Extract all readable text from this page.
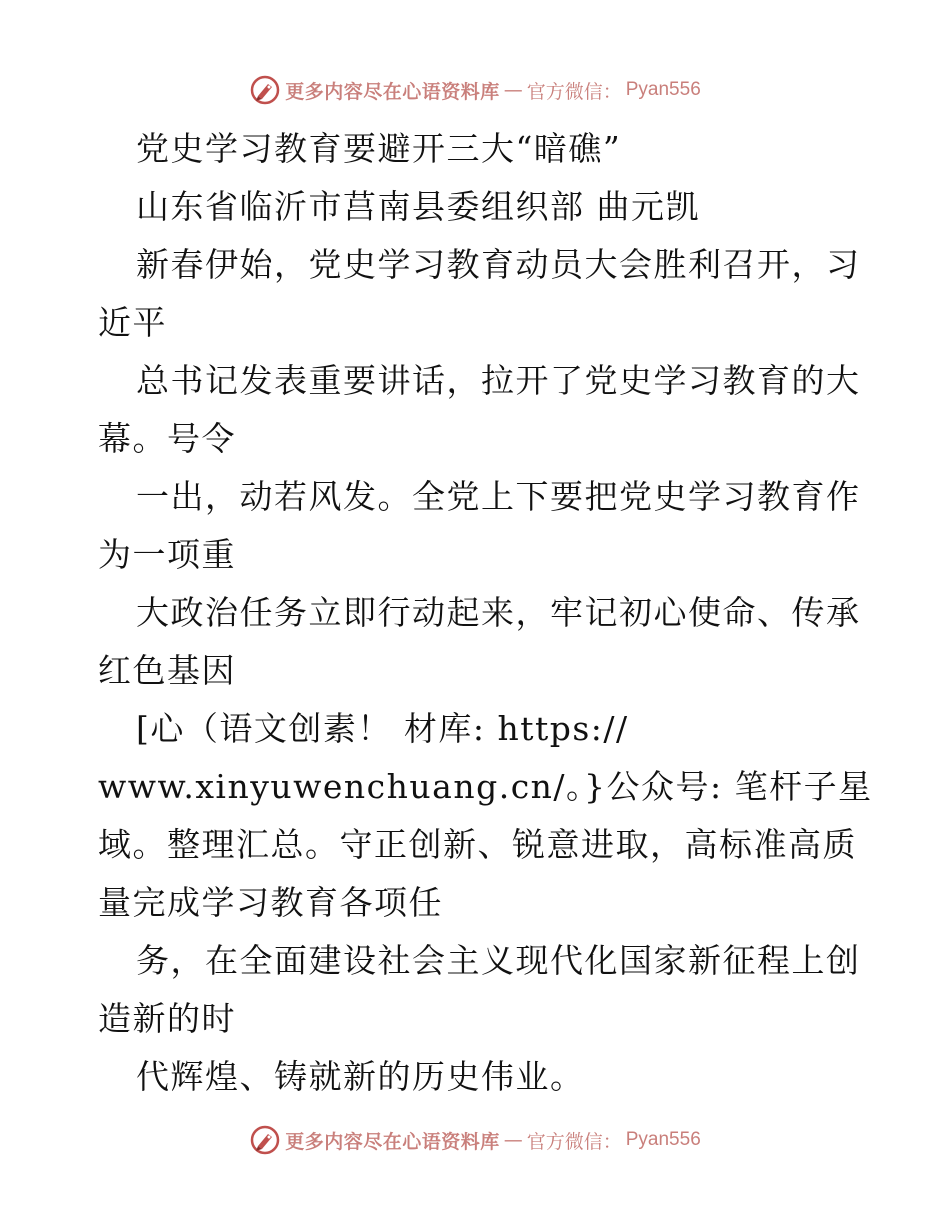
更多内容尽在心语资料库 — 官方微信： Pyan556
党史学习教育要避开三大“暗礁”
山东省临沂市莒南县委组织部 曲元凯
新春伊始，党史学习教育动员大会胜利召开，习
近平
总书记发表重要讲话，拉开了党史学习教育的大
幕。号令
一出，动若风发。全党上下要把党史学习教育作
为一项重
大政治任务立即行动起来，牢记初心使命、传承
红色基因
[心（语文创素！ 材库: https://
www.xinyuwenchuang.cn/。}公众号: 笔杆子星
域。整理汇总。守正创新、锐意进取，高标准高质
量完成学习教育各项任
务，在全面建设社会主义现代化国家新征程上创
造新的时
代辉煌、铸就新的历史伟业。
更多内容尽在心语资料库 — 官方微信： Pyan556
